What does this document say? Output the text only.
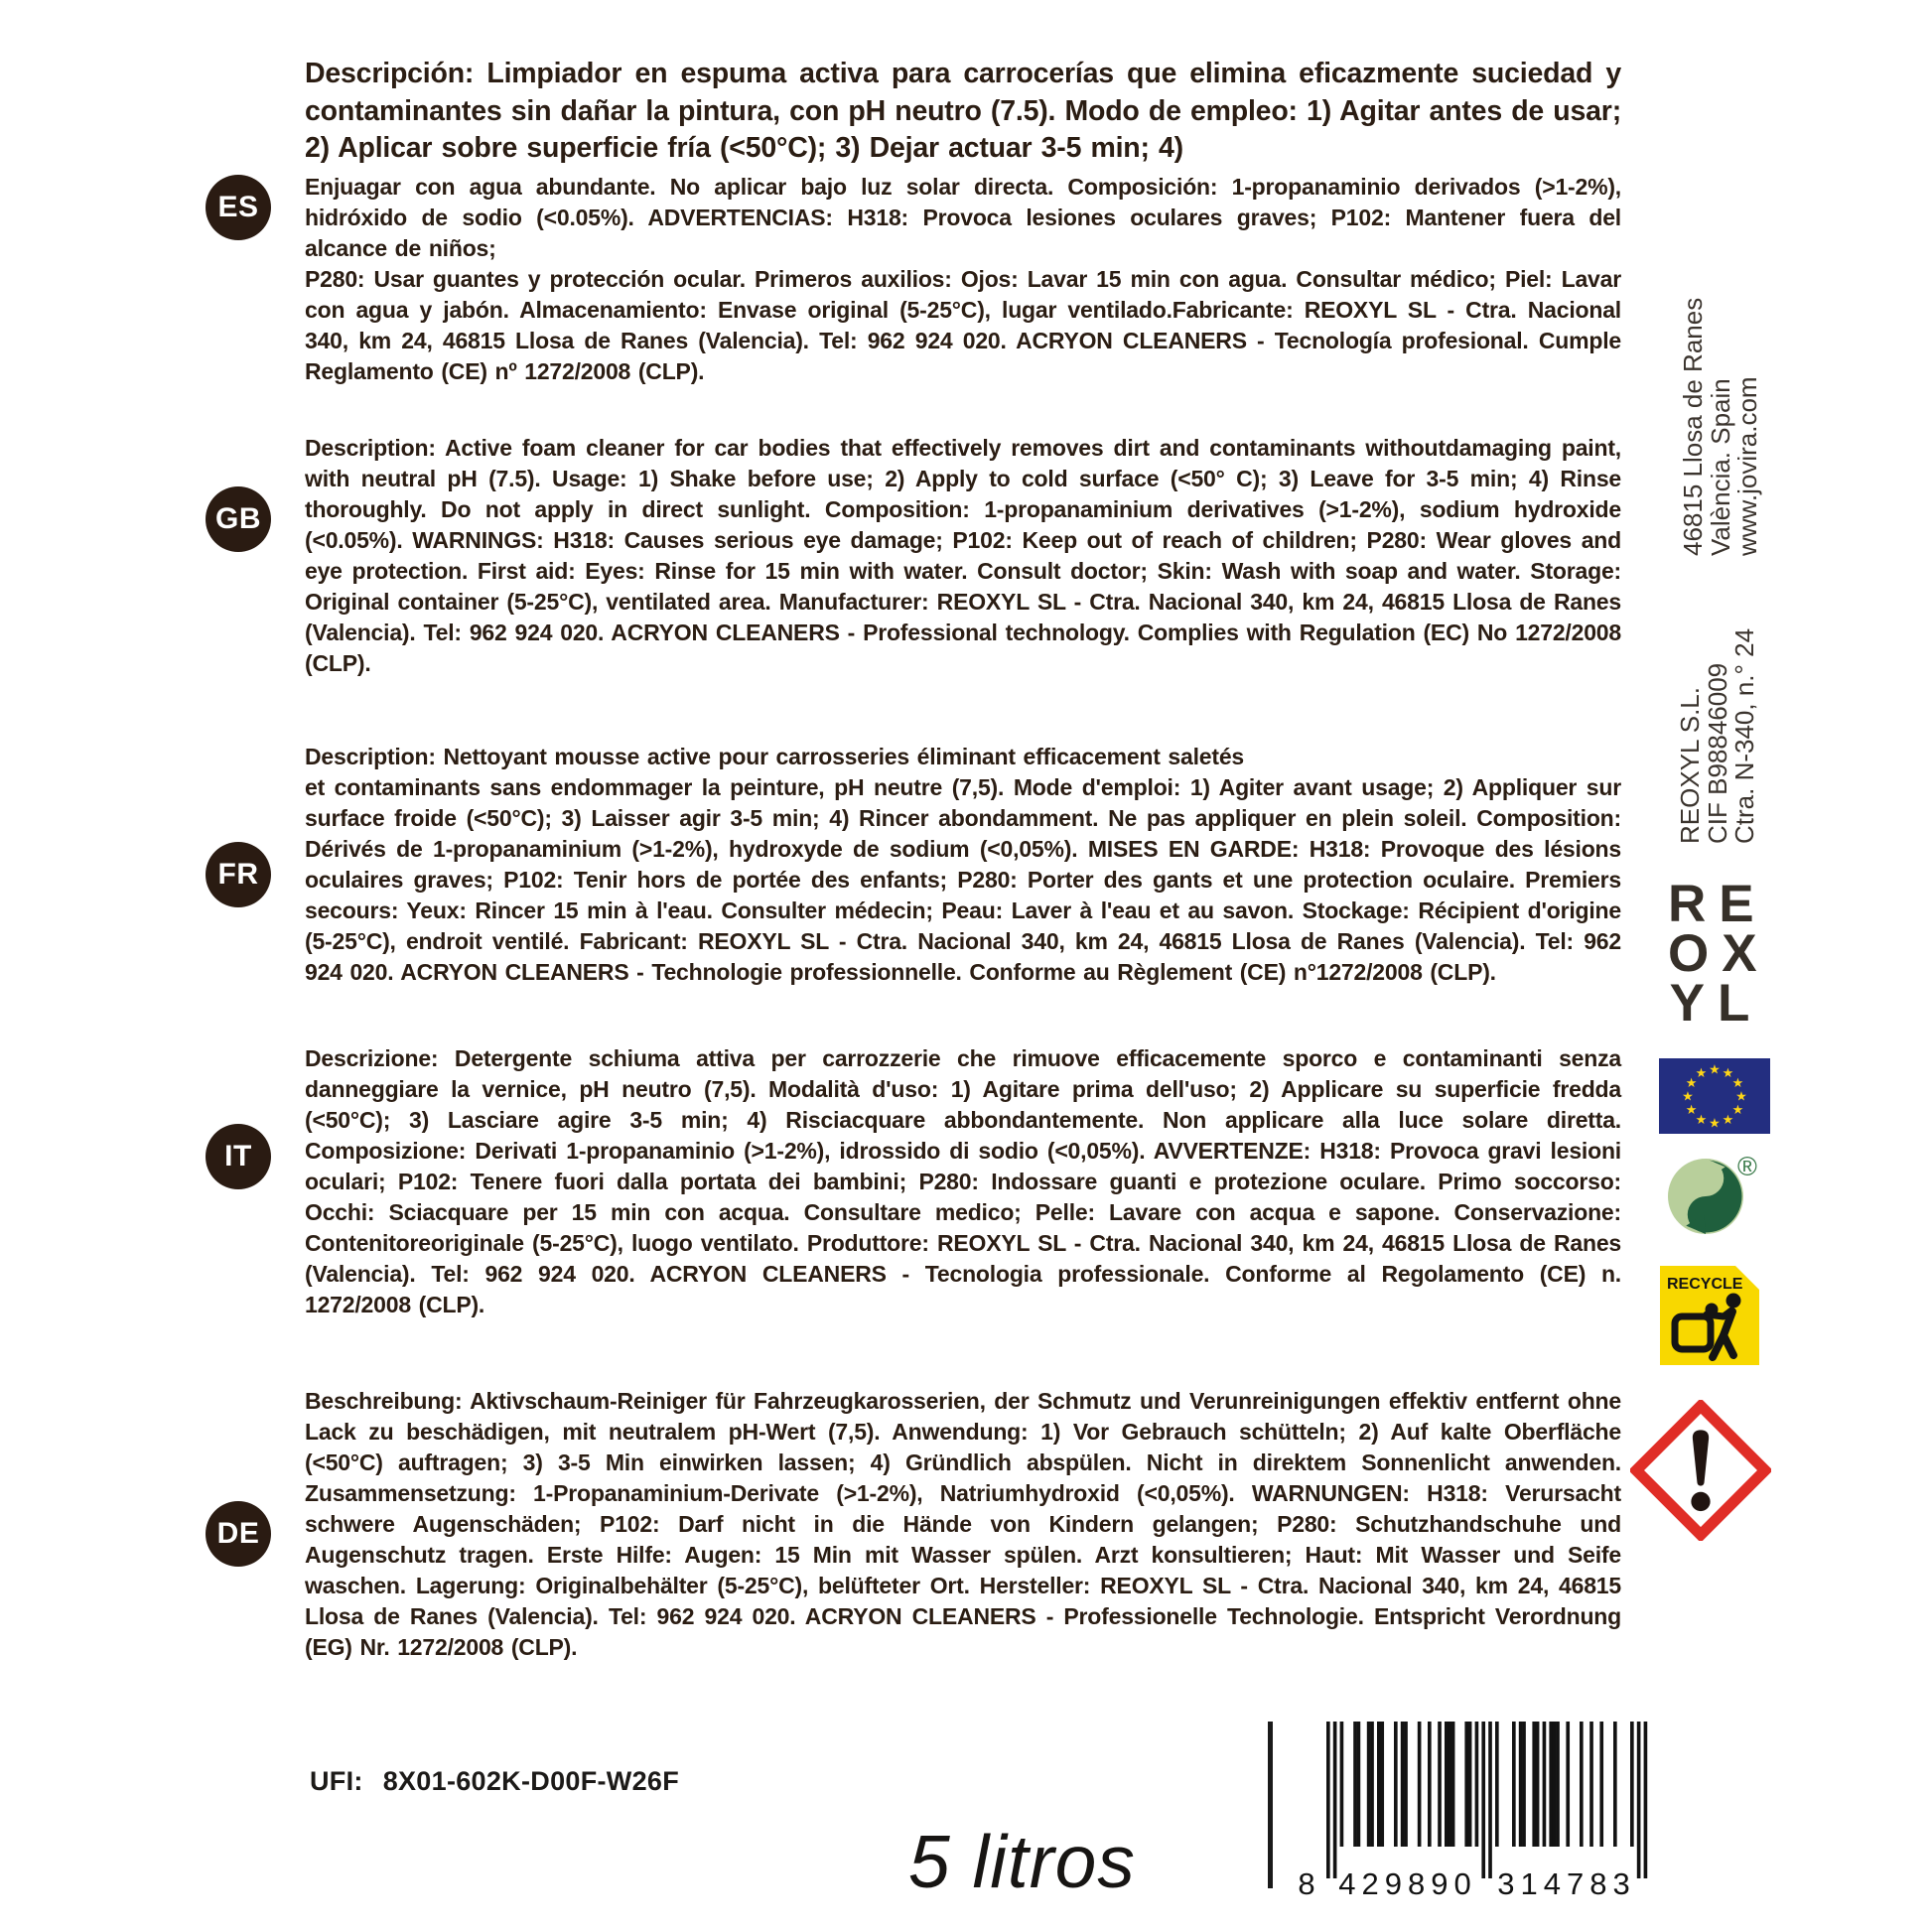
ES
GB
FR
IT
DE

Descripción: Limpiador en espuma activa para carrocerías que elimina eficazmente suciedad y contaminantes sin dañar la pintura, con pH neutro (7.5). Modo de empleo: 1) Agitar antes de usar; 2) Aplicar sobre superficie fría (<50°C); 3) Dejar actuar 3-5 min; 4)

Enjuagar con agua abundante. No aplicar bajo luz solar directa. Composición: 1-propanaminio derivados (>1-2%), hidróxido de sodio (<0.05%). ADVERTENCIAS: H318: Provoca lesiones oculares graves; P102: Mantener fuera del alcance de niños;

P280: Usar guantes y protección ocular. Primeros auxilios: Ojos: Lavar 15 min con agua. Consultar médico; Piel: Lavar con agua y jabón. Almacenamiento: Envase original (5-25°C), lugar ventilado.Fabricante: REOXYL SL - Ctra. Nacional 340, km 24, 46815 Llosa de Ranes (Valencia). Tel: 962 924 020. ACRYON CLEANERS - Tecnología profesional. Cumple Reglamento (CE) nº 1272/2008 (CLP).

Description: Active foam cleaner for car bodies that effectively removes dirt and contaminants withoutdamaging paint, with neutral pH (7.5). Usage: 1) Shake before use; 2) Apply to cold surface (<50° C); 3) Leave for 3-5 min; 4) Rinse thoroughly. Do not apply in direct sunlight. Composition: 1-propanaminium derivatives (>1-2%), sodium hydroxide (<0.05%). WARNINGS: H318: Causes serious eye damage; P102: Keep out of reach of children; P280: Wear gloves and eye protection. First aid: Eyes: Rinse for 15 min with water. Consult doctor; Skin: Wash with soap and water. Storage: Original container (5-25°C), ventilated area. Manufacturer: REOXYL SL - Ctra. Nacional 340, km 24, 46815 Llosa de Ranes (Valencia). Tel: 962 924 020. ACRYON CLEANERS - Professional technology. Complies with Regulation (EC) No 1272/2008 (CLP).

Description: Nettoyant mousse active pour carrosseries éliminant efficacement saletés

et contaminants sans endommager la peinture, pH neutre (7,5). Mode d'emploi: 1) Agiter avant usage; 2) Appliquer sur surface froide (<50°C); 3) Laisser agir 3-5 min; 4) Rincer abondamment. Ne pas appliquer en plein soleil. Composition: Dérivés de 1-propanaminium (>1-2%), hydroxyde de sodium (<0,05%). MISES EN GARDE: H318: Provoque des lésions oculaires graves; P102: Tenir hors de portée des enfants; P280: Porter des gants et une protection oculaire. Premiers secours: Yeux: Rincer 15 min à l'eau. Consulter médecin; Peau: Laver à l'eau et au savon. Stockage: Récipient d'origine (5-25°C), endroit ventilé. Fabricant: REOXYL SL - Ctra. Nacional 340, km 24, 46815 Llosa de Ranes (Valencia). Tel: 962 924 020. ACRYON CLEANERS - Technologie professionnelle. Conforme au Règlement (CE) n°1272/2008 (CLP).

Descrizione: Detergente schiuma attiva per carrozzerie che rimuove efficacemente sporco e contaminanti senza danneggiare la vernice, pH neutro (7,5). Modalità d'uso: 1) Agitare prima dell'uso; 2) Applicare su superficie fredda (<50°C); 3) Lasciare agire 3-5 min; 4) Risciacquare abbondantemente. Non applicare alla luce solare diretta. Composizione: Derivati 1-propanaminio (>1-2%), idrossido di sodio (<0,05%). AVVERTENZE: H318: Provoca gravi lesioni oculari; P102: Tenere fuori dalla portata dei bambini; P280: Indossare guanti e protezione oculare. Primo soccorso: Occhi: Sciacquare per 15 min con acqua. Consultare medico; Pelle: Lavare con acqua e sapone. Conservazione: Contenitoreoriginale (5-25°C), luogo ventilato. Produttore: REOXYL SL - Ctra. Nacional 340, km 24, 46815 Llosa de Ranes (Valencia). Tel: 962 924 020. ACRYON CLEANERS - Tecnologia professionale. Conforme al Regolamento (CE) n. 1272/2008 (CLP).

Beschreibung: Aktivschaum-Reiniger für Fahrzeugkarosserien, der Schmutz und Verunreinigungen effektiv entfernt ohne Lack zu beschädigen, mit neutralem pH-Wert (7,5). Anwendung: 1) Vor Gebrauch schütteln; 2) Auf kalte Oberfläche (<50°C) auftragen; 3) 3-5 Min einwirken lassen; 4) Gründlich abspülen. Nicht in direktem Sonnenlicht anwenden. Zusammensetzung: 1-Propanaminium-Derivate (>1-2%), Natriumhydroxid (<0,05%). WARNUNGEN: H318: Verursacht schwere Augenschäden; P102: Darf nicht in die Hände von Kindern gelangen; P280: Schutzhandschuhe und Augenschutz tragen. Erste Hilfe: Augen: 15 Min mit Wasser spülen. Arzt konsultieren; Haut: Mit Wasser und Seife waschen. Lagerung: Originalbehälter (5-25°C), belüfteter Ort. Hersteller: REOXYL SL - Ctra. Nacional 340, km 24, 46815 Llosa de Ranes (Valencia). Tel: 962 924 020. ACRYON CLEANERS - Professionelle Technologie. Entspricht Verordnung (EG) Nr. 1272/2008 (CLP).

46815 Llosa de Ranes
València. Spain
www.jovira.com
REOXYL S.L.
CIF B98846009
Ctra. N-340, n.° 24
RE
OX
YL
★ ★
★
★
★
★
★
★
★
★
★
★
®
RECYCLE
UFI: 8X01-602K-D00F-W26F
5 litros	8 429890 314783
